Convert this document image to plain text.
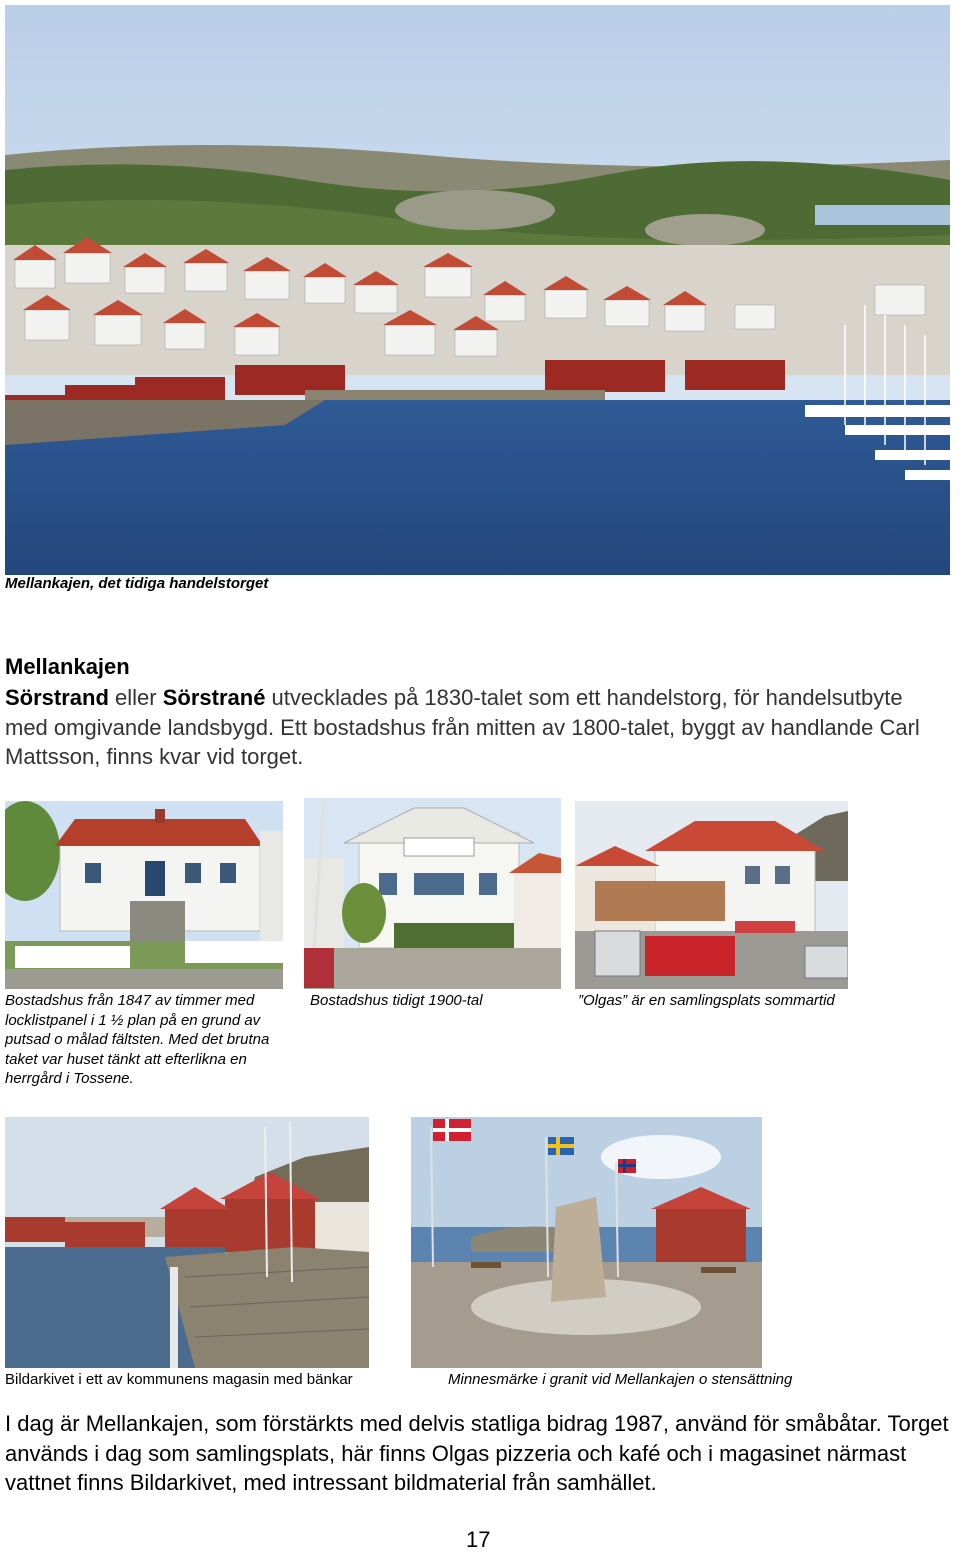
Mellankajen, det tidiga handelstorget
Mellankajen
Sörstrand eller Sörstrané utvecklades på 1830-talet som ett handelstorg, för handelsutbyte med omgivande landsbygd. Ett bostadshus från mitten av 1800-talet, byggt av handlande Carl Mattsson, finns kvar vid torget.
Bostadshus från 1847 av timmer med locklistpanel i 1 ½ plan på en grund av putsad o målad fältsten. Med det brutna taket var huset tänkt att efterlikna en herrgård i Tossene.
Bostadshus tidigt 1900-tal	”Olgas” är en samlingsplats sommartid
Bildarkivet i ett av kommunens magasin med bänkar	Minnesmärke i granit vid Mellankajen o stensättning
I dag är Mellankajen, som förstärkts med delvis statliga bidrag 1987, använd för småbåtar. Torget används i dag som samlingsplats, här finns Olgas pizzeria och kafé och i magasinet närmast vattnet finns Bildarkivet, med intressant bildmaterial från samhället.
17
